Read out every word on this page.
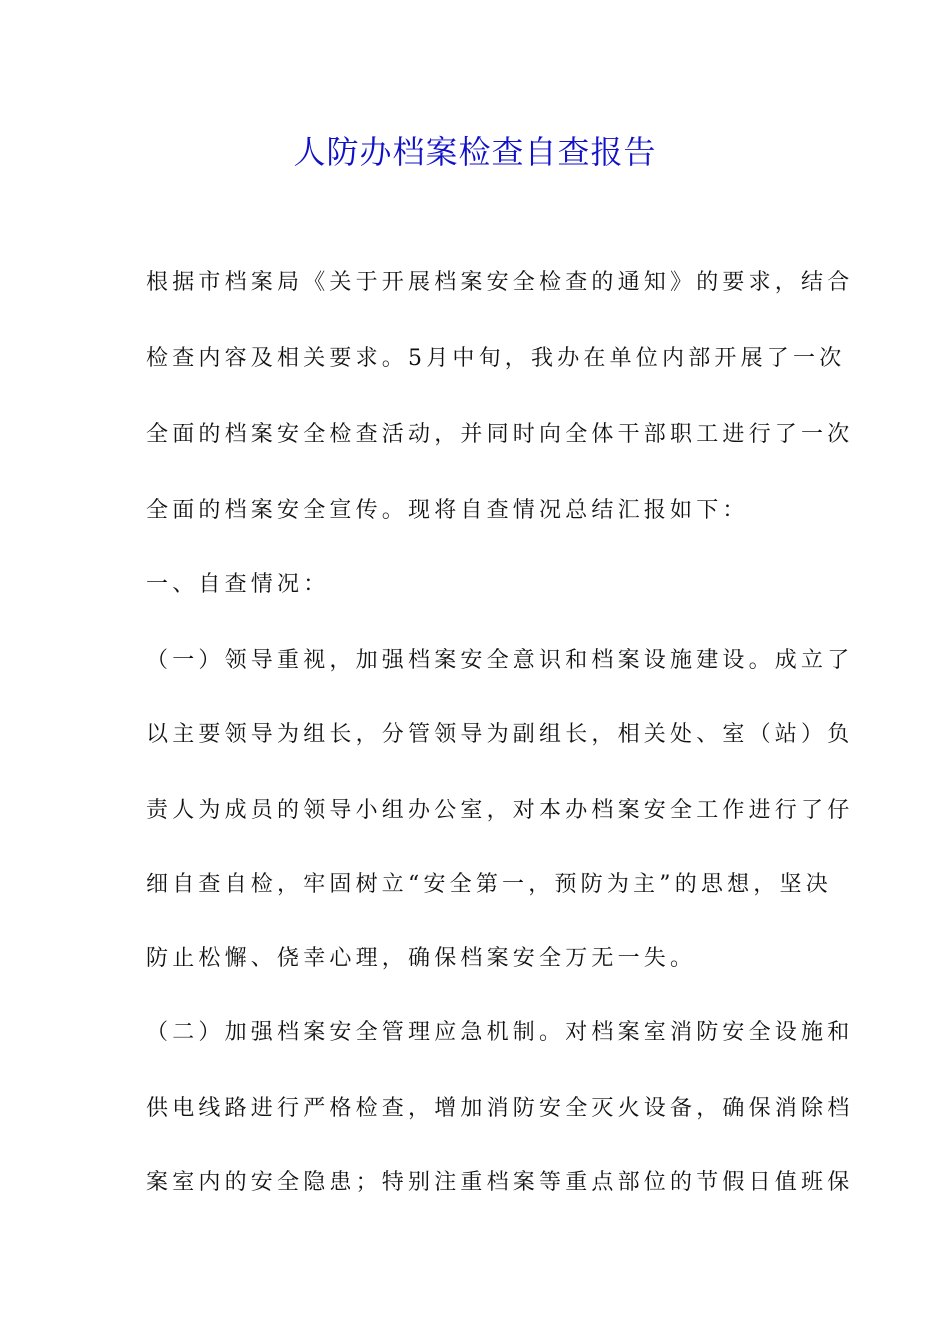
人防办档案检查自查报告
根据市档案局《关于开展档案安全检查的通知》的要求，结合
检查内容及相关要求。5月中旬，我办在单位内部开展了一次
全面的档案安全检查活动，并同时向全体干部职工进行了一次
全面的档案安全宣传。现将自查情况总结汇报如下：
一、自查情况：
（一）领导重视，加强档案安全意识和档案设施建设。成立了
以主要领导为组长，分管领导为副组长，相关处、室（站）负
责人为成员的领导小组办公室，对本办档案安全工作进行了仔
细自查自检，牢固树立“安全第一，预防为主”的思想，坚决
防止松懈、侥幸心理，确保档案安全万无一失。
（二）加强档案安全管理应急机制。对档案室消防安全设施和
供电线路进行严格检查，增加消防安全灭火设备，确保消除档
案室内的安全隐患；特别注重档案等重点部位的节假日值班保
